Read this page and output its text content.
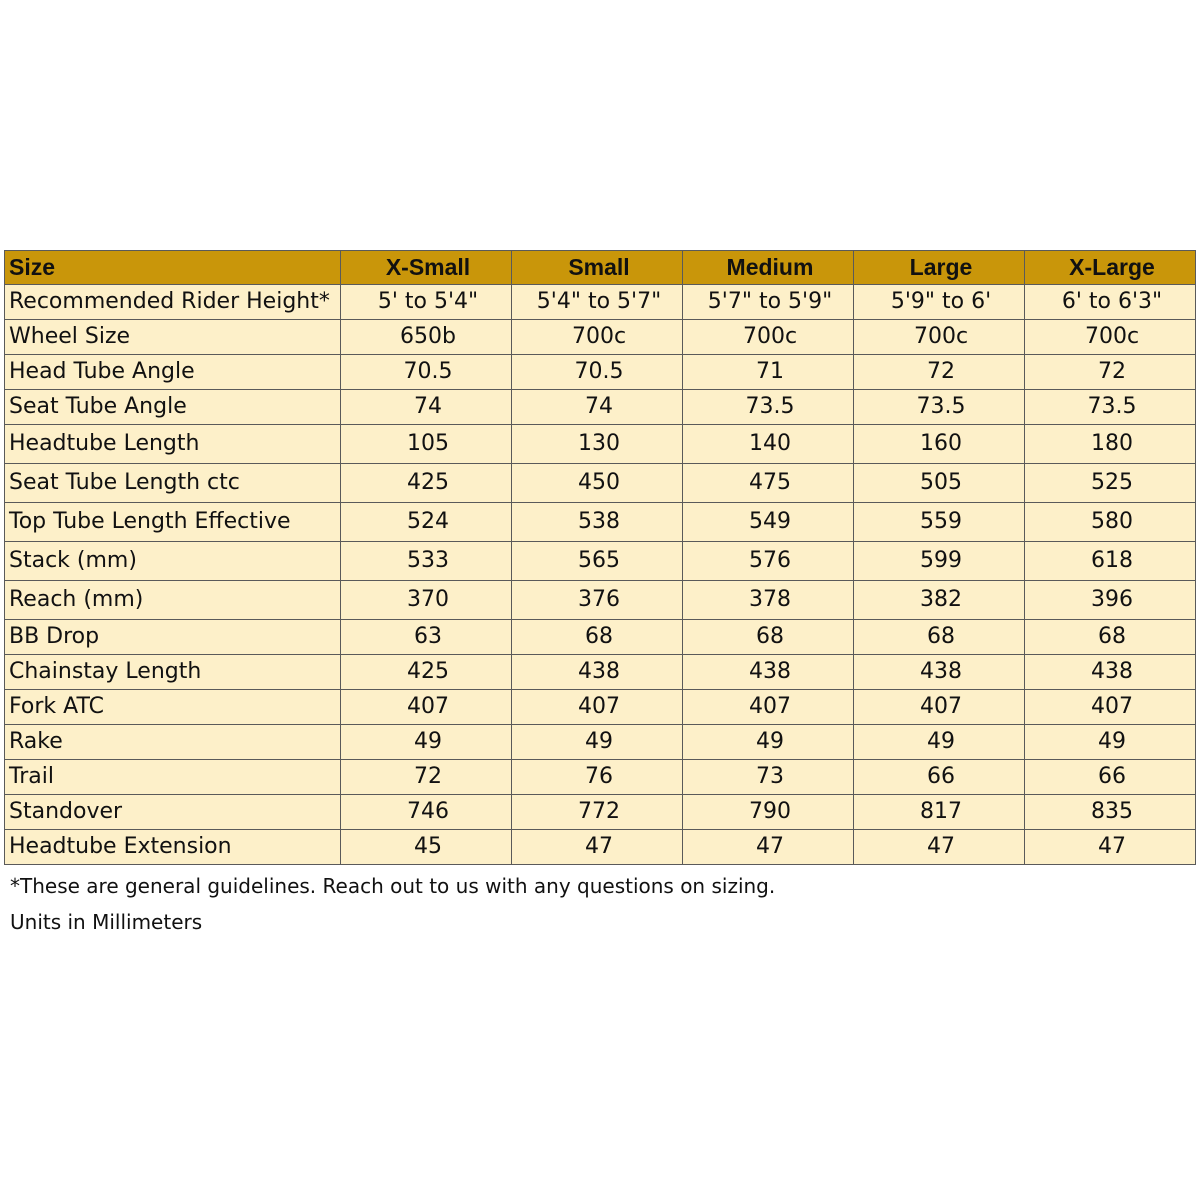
Size	X-Small	Small	Medium	Large	X-Large
Recommended Rider Height*	5' to 5'4"	5'4" to 5'7"	5'7" to 5'9"	5'9" to 6'	6' to 6'3"
Wheel Size	650b	700c	700c	700c	700c
Head Tube Angle	70.5	70.5	71	72	72
Seat Tube Angle	74	74	73.5	73.5	73.5
Headtube Length	105	130	140	160	180
Seat Tube Length ctc	425	450	475	505	525
Top Tube Length Effective	524	538	549	559	580
Stack (mm)	533	565	576	599	618
Reach (mm)	370	376	378	382	396
BB Drop	63	68	68	68	68
Chainstay Length	425	438	438	438	438
Fork ATC	407	407	407	407	407
Rake	49	49	49	49	49
Trail	72	76	73	66	66
Standover	746	772	790	817	835
Headtube Extension	45	47	47	47	47

*These are general guidelines. Reach out to us with any questions on sizing.

Units in Millimeters
